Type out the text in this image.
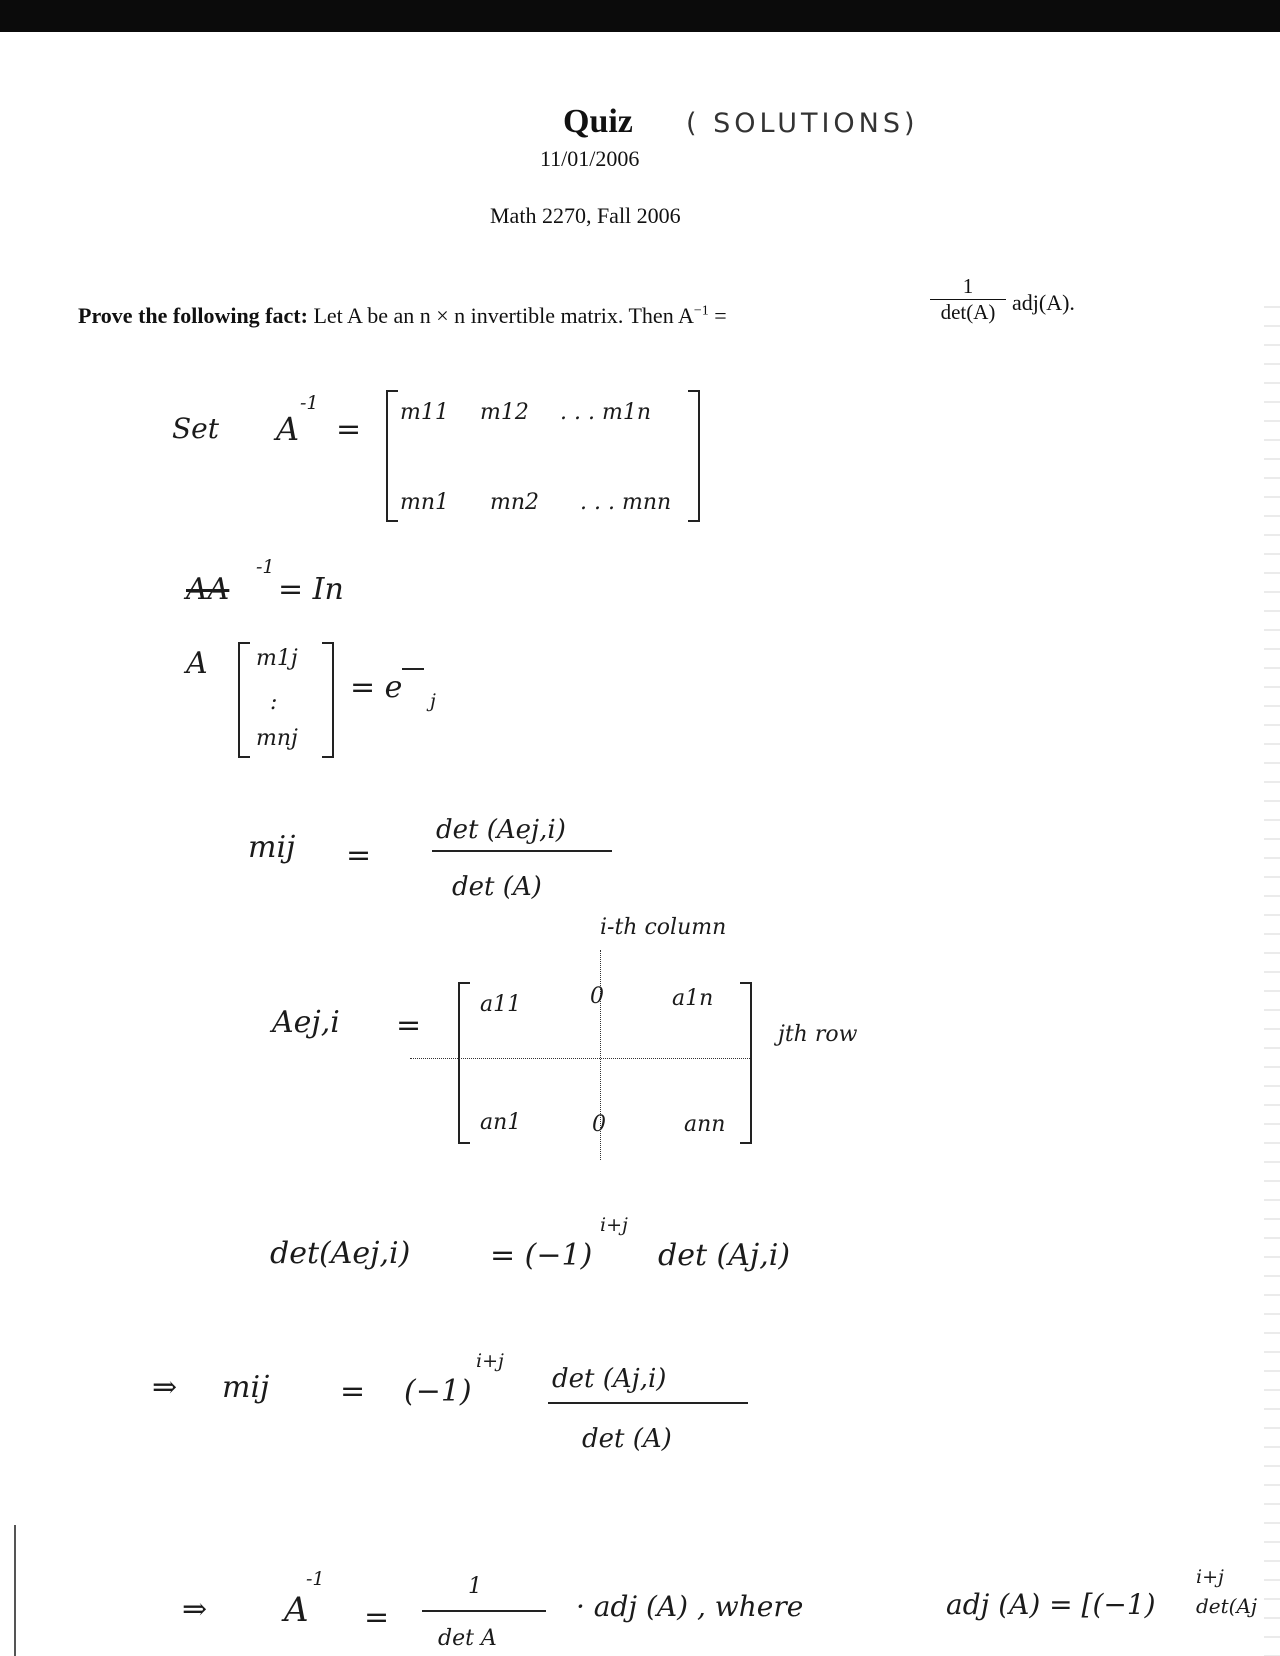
Quiz ( SOLUTIONS)
11/01/2006
Math 2270, Fall 2006
Prove the following fact: Let A be an n × n invertible matrix. Then $A^{-1}$ =
1
det(A) adj(A).
Set A
-1
= m11 m12 . . . m1n
mn1 mn2 . . . mnn
AA
-1
= In
A m1j
:
mnj
= e j
mij =
det (Aej,i)
det (A)
i-th column
Aej,i =
a11	0	a1n
an1	0	ann
jth row
det(Aej,i)	= (−1)
i+j
det (Aj,i)
⇒ mij = (−1)
i+j
det (Aj,i)
det (A)
⇒ A
-1
=
1
det A
· adj (A) , where	adj (A) = [(−1)
i+j
det(Aj
